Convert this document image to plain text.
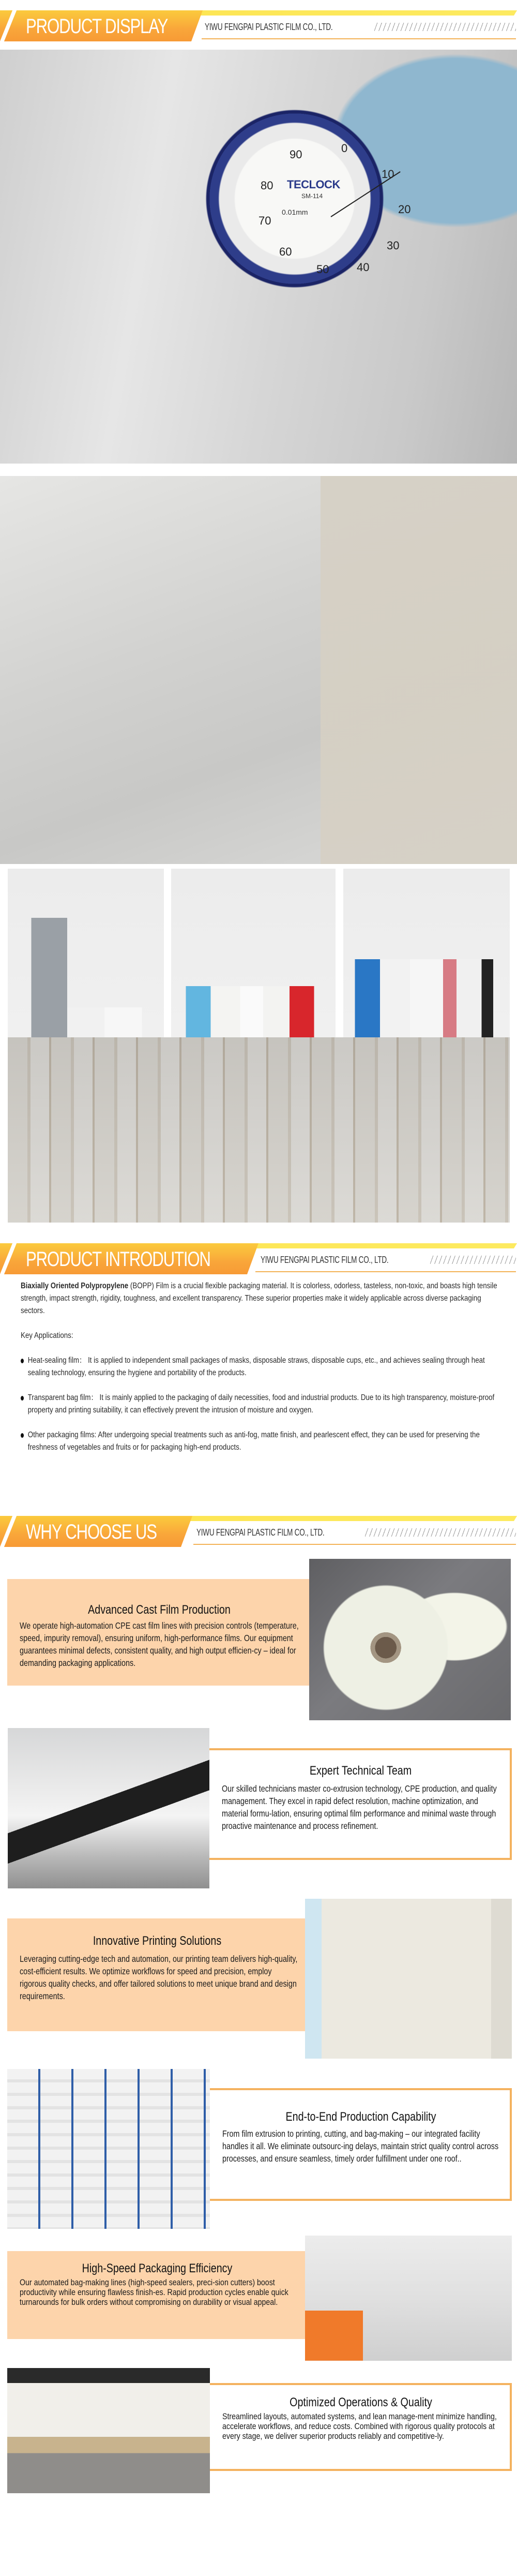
PRODUCT DISPLAY	YIWU FENGPAI PLASTIC FILM CO., LTD.
TECLOCK
SM-114
0.01mm
0
10
20
30
40
50
60
70
80
90
PRODUCT INTRODUTION	YIWU FENGPAI PLASTIC FILM CO., LTD.

Biaxially Oriented Polypropylene (BOPP) Film is a crucial flexible packaging material. It is colorless, odorless, tasteless, non-toxic, and boasts high tensile strength, impact strength, rigidity, toughness, and excellent transparency. These superior properties make it widely applicable across diverse packaging sectors.

Key Applications:

Heat-sealing film： It is applied to independent small packages of masks, disposable straws, disposable cups, etc., and achieves sealing through heat sealing technology, ensuring the hygiene and portability of the products.

Transparent bag film： It is mainly applied to the packaging of daily necessities, food and industrial products. Due to its high transparency, moisture-proof property and printing suitability, it can effectively prevent the intrusion of moisture and oxygen.

Other packaging films: After undergoing special treatments such as anti-fog, matte finish, and pearlescent effect, they can be used for preserving the freshness of vegetables and fruits or for packaging high-end products.

WHY CHOOSE US	YIWU FENGPAI PLASTIC FILM CO., LTD.
Advanced Cast Film Production

We operate high-automation CPE cast film lines with precision controls (temperature, speed, impurity removal), ensuring uniform, high-performance films. Our equipment guarantees minimal defects, consistent quality, and high output efficien-cy – ideal for demanding packaging applications.

Expert Technical Team

Our skilled technicians master co-extrusion technology, CPE production, and quality management. They excel in rapid defect resolution, machine optimization, and material formu-lation, ensuring optimal film performance and minimal waste through proactive maintenance and process refinement.

Innovative Printing Solutions

Leveraging cutting-edge tech and automation, our printing team delivers high-quality, cost-efficient results. We optimize workflows for speed and precision, employ rigorous quality checks, and offer tailored solutions to meet unique brand and design requirements.

End-to-End Production Capability

From film extrusion to printing, cutting, and bag-making – our integrated facility handles it all. We eliminate outsourc-ing delays, maintain strict quality control across processes, and ensure seamless, timely order fulfillment under one roof..

High-Speed Packaging Efficiency

Our automated bag-making lines (high-speed sealers, preci-sion cutters) boost productivity while ensuring flawless finish-es. Rapid production cycles enable quick turnarounds for bulk orders without compromising on durability or visual appeal.

Optimized Operations & Quality

Streamlined layouts, automated systems, and lean manage-ment minimize handling, accelerate workflows, and reduce costs. Combined with rigorous quality protocols at every stage, we deliver superior products reliably and competitive-ly.
